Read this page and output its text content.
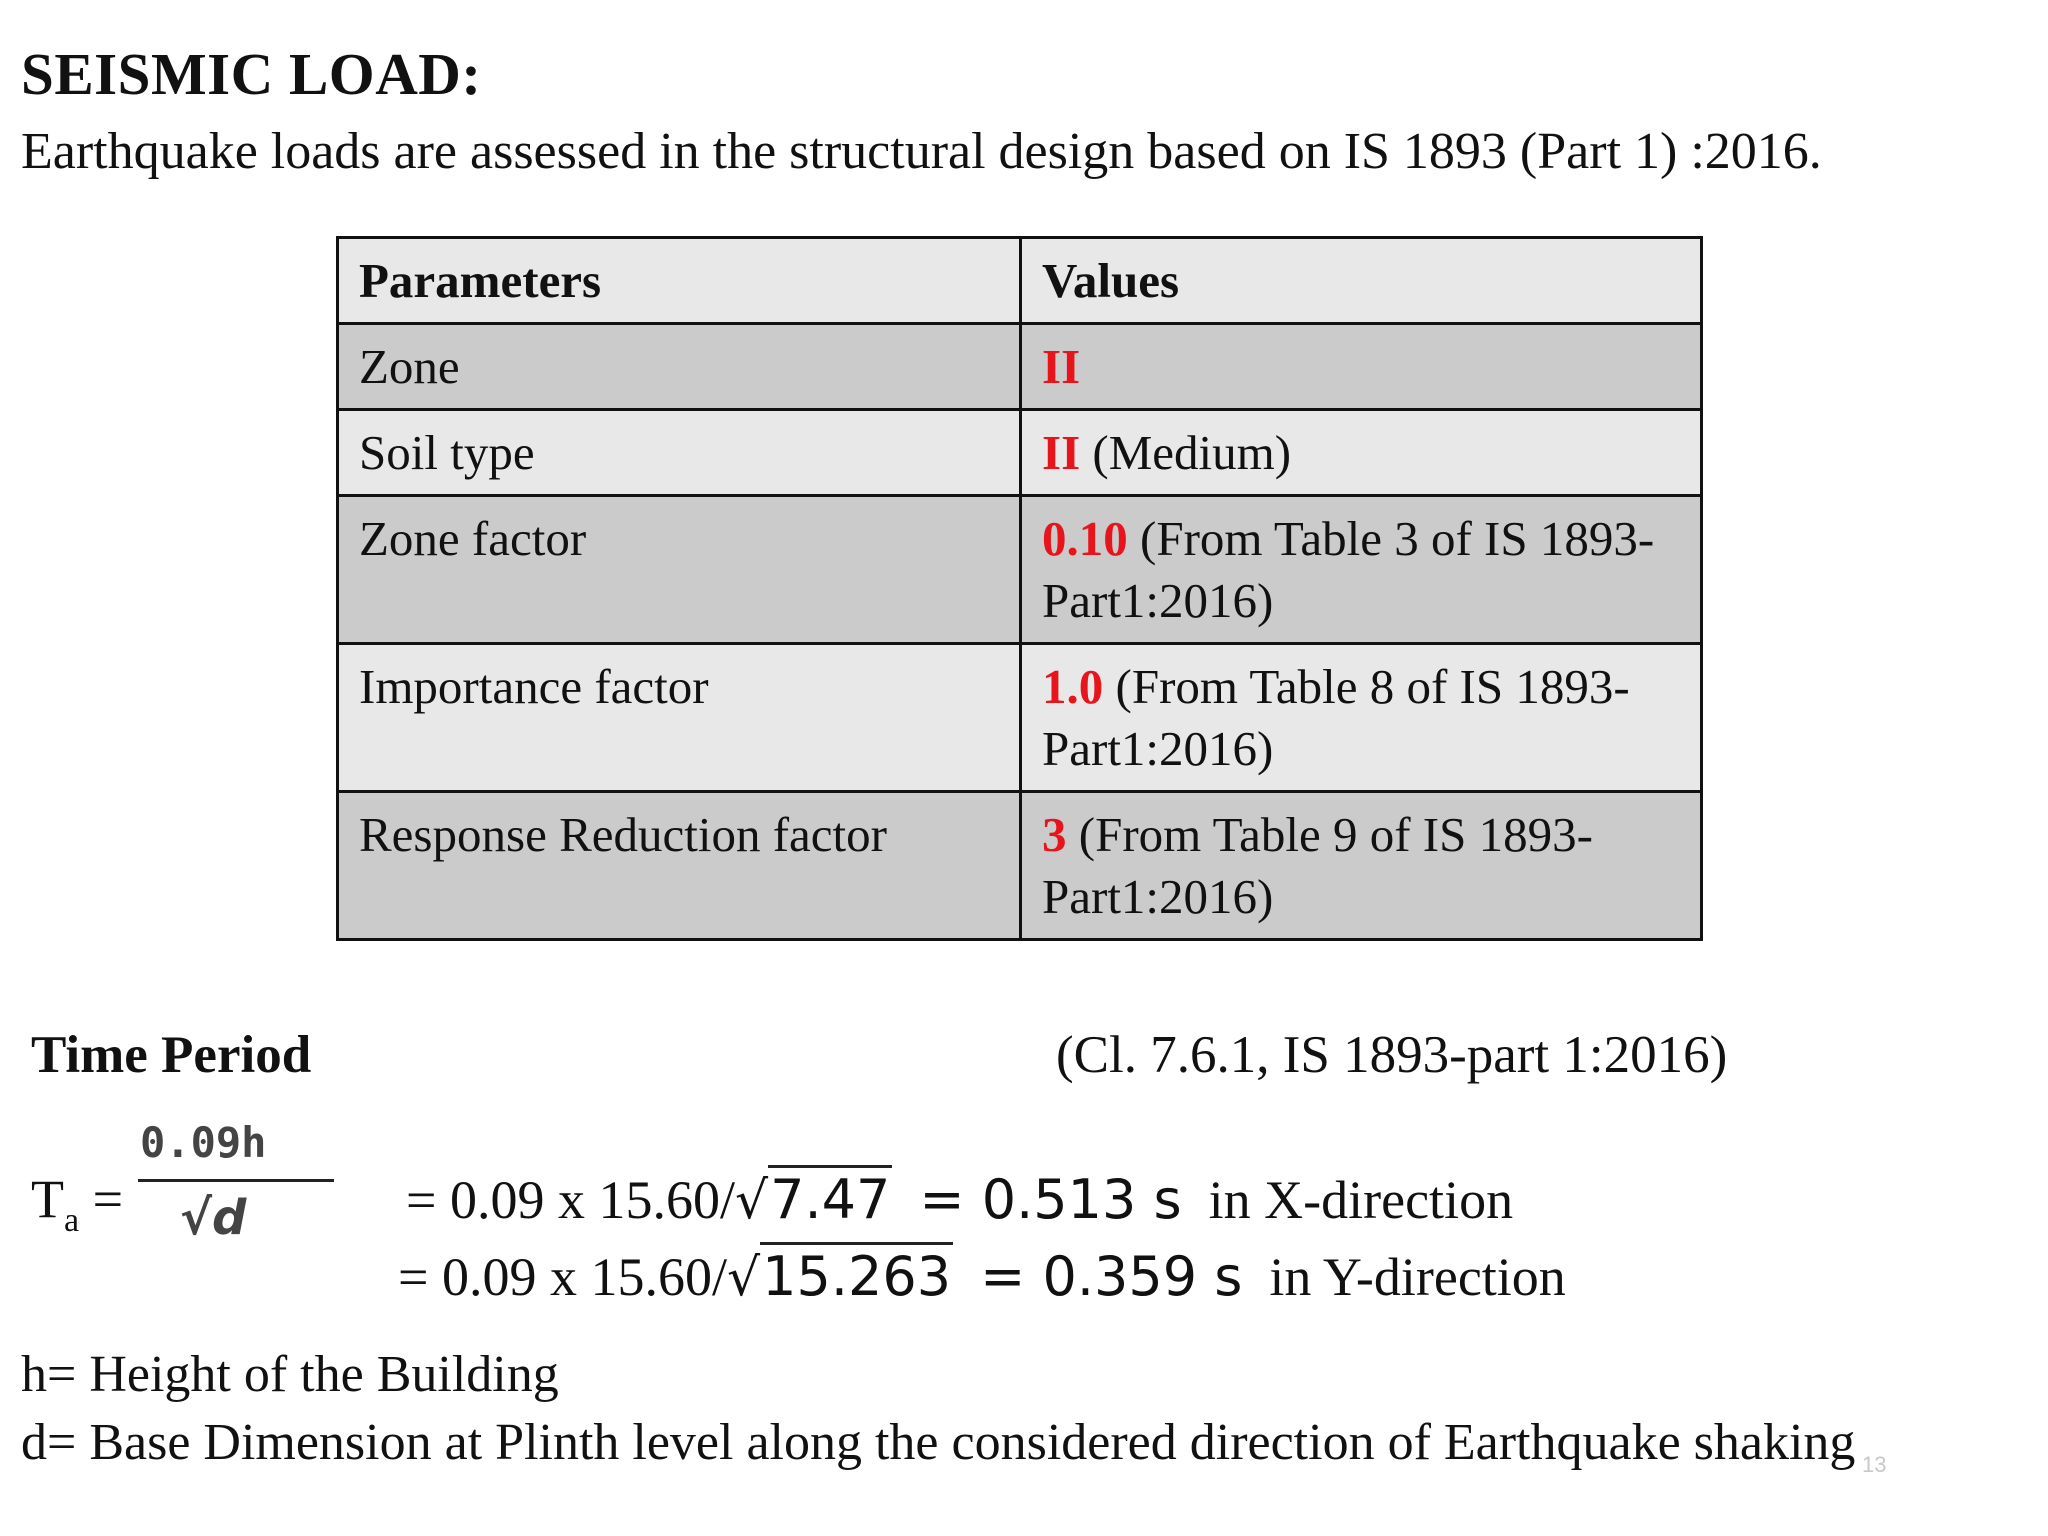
SEISMIC LOAD:
Earthquake loads are assessed in the structural design based on IS 1893 (Part 1) :2016.
Parameters	Values
Zone	II
Soil type	II (Medium)
Zone factor	0.10 (From Table 3 of IS 1893-
Part1:2016)
Importance factor	1.0 (From Table 8 of IS 1893-
Part1:2016)
Response Reduction factor	3 (From Table 9 of IS 1893-
Part1:2016)
Time Period	(Cl. 7.6.1, IS 1893-part 1:2016)
$T_a$ =
0.09h
√d	= 0.09 x 15.60/√7.47 = 0.513 s in X-direction
= 0.09 x 15.60/√15.263 = 0.359 s in Y-direction
h= Height of the Building
d= Base Dimension at Plinth level along the considered direction of Earthquake shaking 13
